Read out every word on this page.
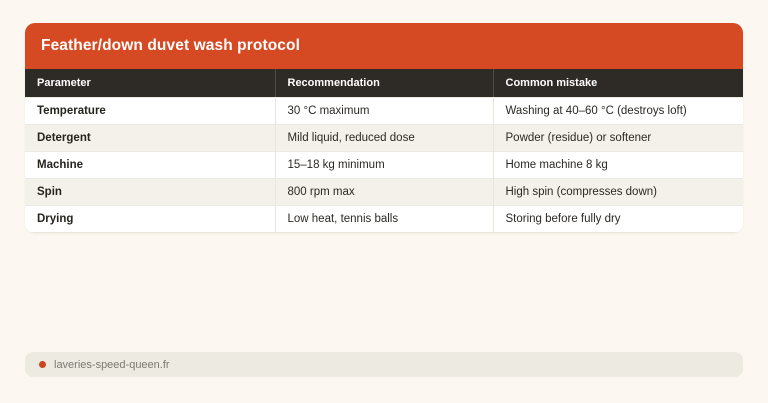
Feather/down duvet wash protocol
Parameter	Recommendation	Common mistake
Temperature	30 °C maximum	Washing at 40–60 °C (destroys loft)
Detergent	Mild liquid, reduced dose	Powder (residue) or softener
Machine	15–18 kg minimum	Home machine 8 kg
Spin	800 rpm max	High spin (compresses down)
Drying	Low heat, tennis balls	Storing before fully dry
laveries-speed-queen.fr
